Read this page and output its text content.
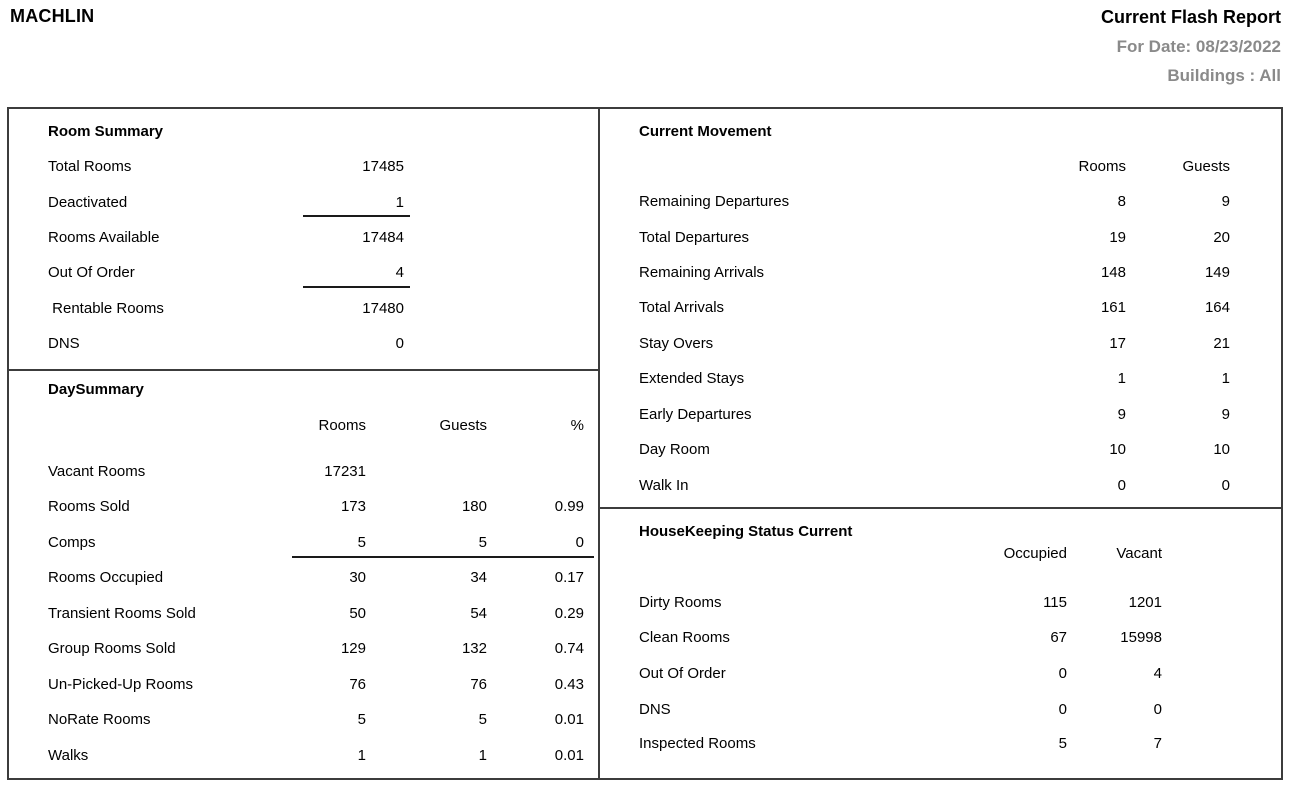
MACHLIN	Current Flash Report
For Date: 08/23/2022
Buildings : All
Room Summary
Total Rooms	17485
Deactivated	1
Rooms Available	17484
Out Of Order	4
Rentable Rooms	17480
DNS	0
DaySummary
Rooms	Guests	%
Vacant Rooms	17231
Rooms Sold	173	180	0.99
Comps	5	5	0
Rooms Occupied	30	34	0.17
Transient Rooms Sold	50	54	0.29
Group Rooms Sold	129	132	0.74
Un-Picked-Up Rooms	76	76	0.43
NoRate Rooms	5	5	0.01
Walks	1	1	0.01
Current Movement
Rooms	Guests
Remaining Departures	8	9
Total Departures	19	20
Remaining Arrivals	148	149
Total Arrivals	161	164
Stay Overs	17	21
Extended Stays	1	1
Early Departures	9	9
Day Room	10	10
Walk In	0	0
HouseKeeping Status Current
Occupied	Vacant
Dirty Rooms	115	1201
Clean Rooms	67	15998
Out Of Order	0	4
DNS	0	0
Inspected Rooms	5	7
